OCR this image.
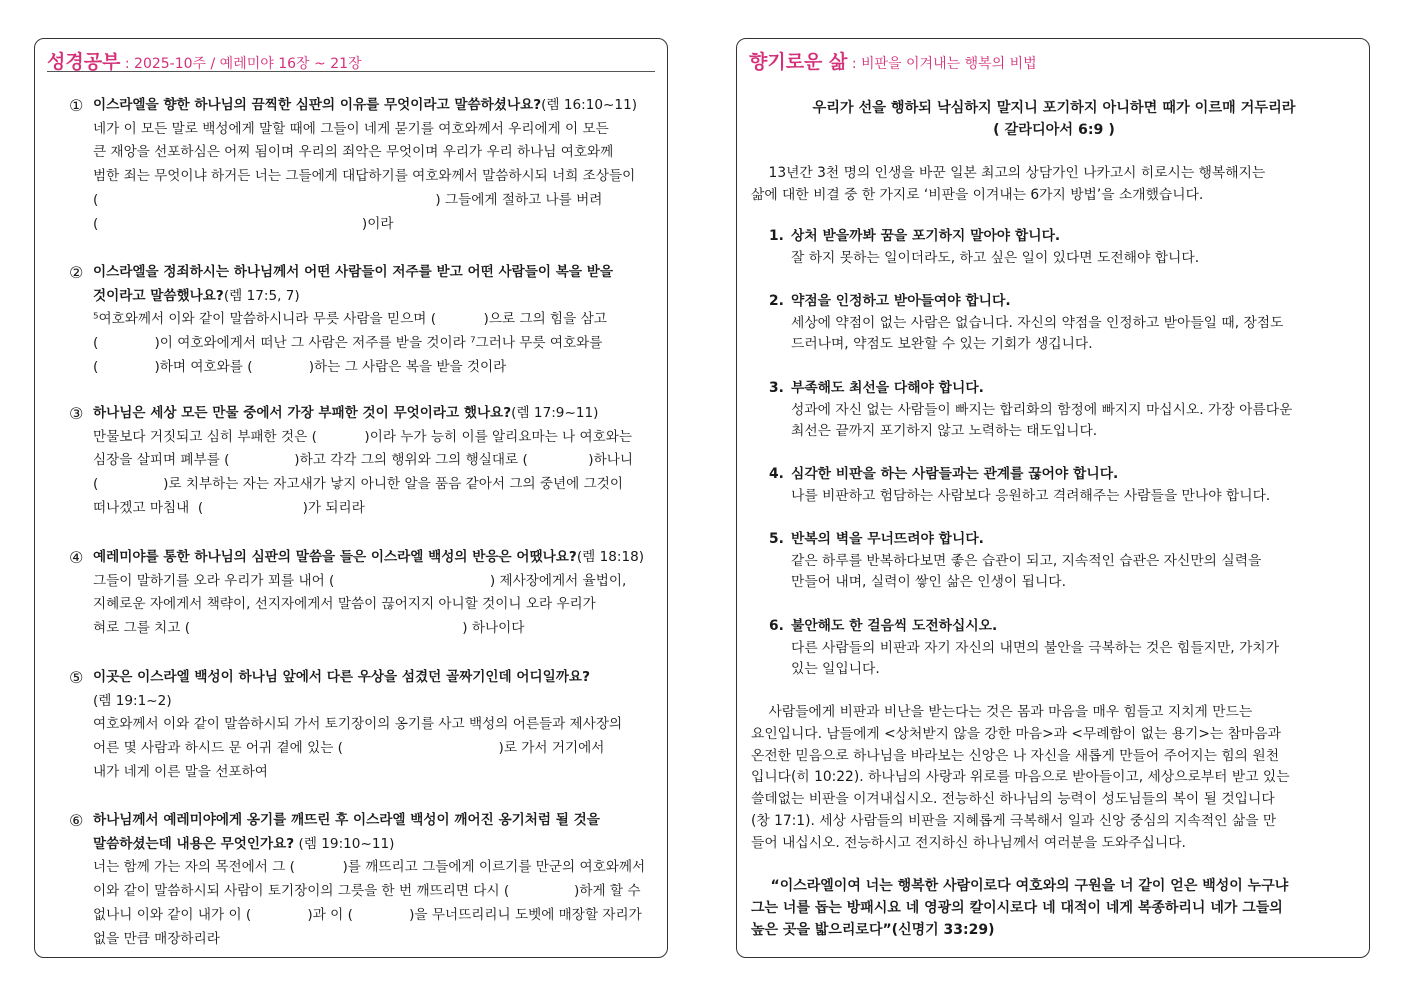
성경공부 : 2025-10주 / 예레미야 16장 ~ 21장
① 이스라엘을 향한 하나님의 끔찍한 심판의 이유를 무엇이라고 말씀하셨나요? (렘 16:10~11)
네가 이 모든 말로 백성에게 말할 때에 그들이 네게 묻기를 여호와께서 우리에게 이 모든
큰 재앙을 선포하심은 어찌 됨이며 우리의 죄악은 무엇이며 우리가 우리 하나님 여호와께
범한 죄는 무엇이냐 하거든 너는 그들에게 대답하기를 여호와께서 말씀하시되 너희 조상들이
(                                                                              ) 그들에게 절하고 나를 버려
(                                                             )이라
② 이스라엘을 정죄하시는 하나님께서 어떤 사람들이 저주를 받고 어떤 사람들이 복을 받을
것이라고 말씀했나요?(렘 17:5, 7)
⁵여호와께서 이와 같이 말씀하시니라 무릇 사람을 믿으며 (           )으로 그의 힘을 삼고
(             )이 여호와에게서 떠난 그 사람은 저주를 받을 것이라 ⁷그러나 무릇 여호와를
(             )하며 여호와를 (             )하는 그 사람은 복을 받을 것이라
③ 하나님은 세상 모든 만물 중에서 가장 부패한 것이 무엇이라고 했나요? (렘 17:9~11)
만물보다 거짓되고 심히 부패한 것은 (           )이라 누가 능히 이를 알리요마는 나 여호와는
심장을 살피며 폐부를 (               )하고 각각 그의 행위와 그의 행실대로 (              )하나니
(               )로 치부하는 자는 자고새가 낳지 아니한 알을 품음 같아서 그의 중년에 그것이
떠나겠고 마침내  (                       )가 되리라
④ 예레미야를 통한 하나님의 심판의 말씀을 들은 이스라엘 백성의 반응은 어땠나요? (렘 18:18)
그들이 말하기를 오라 우리가 꾀를 내어 (                                    ) 제사장에게서 율법이,
지혜로운 자에게서 책략이, 선지자에게서 말씀이 끊어지지 아니할 것이니 오라 우리가
혀로 그를 치고 (                                                               ) 하나이다
⑤ 이곳은 이스라엘 백성이 하나님 앞에서 다른 우상을 섬겼던 골짜기인데 어디일까요?
(렘 19:1~2)
여호와께서 이와 같이 말씀하시되 가서 토기장이의 옹기를 사고 백성의 어른들과 제사장의
어른 몇 사람과 하시드 문 어귀 곁에 있는 (                                    )로 가서 거기에서
내가 네게 이른 말을 선포하여
⑥ 하나님께서 예레미야에게 옹기를 깨뜨린 후 이스라엘 백성이 깨어진 옹기처럼 될 것을
말씀하셨는데 내용은 무엇인가요? (렘 19:10~11)
너는 함께 가는 자의 목전에서 그 (           )를 깨뜨리고 그들에게 이르기를 만군의 여호와께서
이와 같이 말씀하시되 사람이 토기장이의 그릇을 한 번 깨뜨리면 다시 (               )하게 할 수
없나니 이와 같이 내가 이 (             )과 이 (             )을 무너뜨리리니 도벳에 매장할 자리가
없을 만큼 매장하리라
향기로운 삶 : 비판을 이겨내는 행복의 비법
우리가 선을 행하되 낙심하지 말지니 포기하지 아니하면 때가 이르매 거두리라
( 갈라디아서 6:9 )
13년간 3천 명의 인생을 바꾼 일본 최고의 상담가인 나카고시 히로시는 행복해지는
삶에 대한 비결 중 한 가지로 ‘비판을 이겨내는 6가지 방법’을 소개했습니다.
1. 상처 받을까봐 꿈을 포기하지 말아야 합니다.
잘 하지 못하는 일이더라도, 하고 싶은 일이 있다면 도전해야 합니다.
2. 약점을 인정하고 받아들여야 합니다.
세상에 약점이 없는 사람은 없습니다. 자신의 약점을 인정하고 받아들일 때, 장점도
드러나며, 약점도 보완할 수 있는 기회가 생깁니다.
3. 부족해도 최선을 다해야 합니다.
성과에 자신 없는 사람들이 빠지는 합리화의 함정에 빠지지 마십시오. 가장 아름다운
최선은 끝까지 포기하지 않고 노력하는 태도입니다.
4. 심각한 비판을 하는 사람들과는 관계를 끊어야 합니다.
나를 비판하고 험담하는 사람보다 응원하고 격려해주는 사람들을 만나야 합니다.
5. 반복의 벽을 무너뜨려야 합니다.
같은 하루를 반복하다보면 좋은 습관이 되고, 지속적인 습관은 자신만의 실력을
만들어 내며, 실력이 쌓인 삶은 인생이 됩니다.
6. 불안해도 한 걸음씩 도전하십시오.
다른 사람들의 비판과 자기 자신의 내면의 불안을 극복하는 것은 힘들지만, 가치가
있는 일입니다.
사람들에게 비판과 비난을 받는다는 것은 몸과 마음을 매우 힘들고 지치게 만드는
요인입니다. 남들에게 <상처받지 않을 강한 마음>과 <무례함이 없는 용기>는 참마음과
온전한 믿음으로 하나님을 바라보는 신앙은 나 자신을 새롭게 만들어 주어지는 힘의 원천
입니다(히 10:22). 하나님의 사랑과 위로를 마음으로 받아들이고, 세상으로부터 받고 있는
쓸데없는 비판을 이겨내십시오. 전능하신 하나님의 능력이 성도님들의 복이 될 것입니다
(창 17:1). 세상 사람들의 비판을 지혜롭게 극복해서 일과 신앙 중심의 지속적인 삶을 만
들어 내십시오. 전능하시고 전지하신 하나님께서 여러분을 도와주십니다.
“이스라엘이여 너는 행복한 사람이로다 여호와의 구원을 너 같이 얻은 백성이 누구냐
그는 너를 돕는 방패시요 네 영광의 칼이시로다 네 대적이 네게 복종하리니 네가 그들의
높은 곳을 밟으리로다”(신명기 33:29)
